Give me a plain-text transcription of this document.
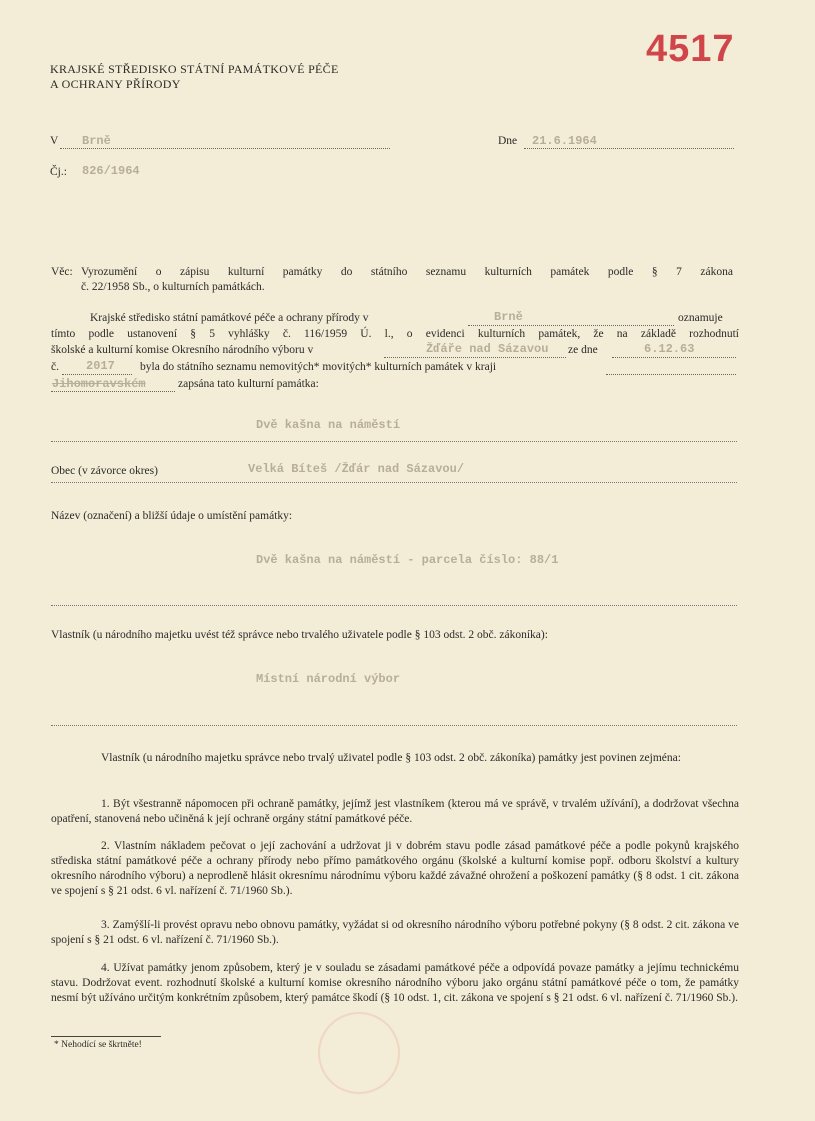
KRAJSKÉ STŘEDISKO STÁTNÍ PAMÁTKOVÉ PÉČE
A OCHRANY PŘÍRODY
4517
V Brně	Dne 21.6.1964
Čj.: 826/1964
Věc: Vyrozumění o zápisu kulturní památky do státního seznamu kulturních památek podle § 7 zákona
č. 22/1958 Sb., o kulturních památkách.
Krajské středisko státní památkové péče a ochrany přírody v	Brně	oznamuje
tímto podle ustanovení § 5 vyhlášky č. 116/1959 Ú. l., o evidenci kulturních památek, že na základě rozhodnutí
školské a kulturní komise Okresního národního výboru v	Žďáře nad Sázavou ze dne	6.12.63
č. 2017 byla do státního seznamu nemovitých* movitých* kulturních památek v kraji
Jihomoravském	zapsána tato kulturní památka:
Dvě kašna na náměstí
Obec (v závorce okres)	Velká Bíteš /Žďár nad Sázavou/
Název (označení) a bližší údaje o umístění památky:
Dvě kašna na náměstí - parcela číslo: 88/1
Vlastník (u národního majetku uvést též správce nebo trvalého uživatele podle § 103 odst. 2 obč. zákoníka):
Místní národní výbor
Vlastník (u národního majetku správce nebo trvalý uživatel podle § 103 odst. 2 obč. zákoníka) památky jest povinen zejména:
1. Být všestranně nápomocen při ochraně památky, jejímž jest vlastníkem (kterou má ve správě, v trvalém užívání), a dodržovat všechna opatření, stanovená nebo učiněná k její ochraně orgány státní památkové péče.
2. Vlastním nákladem pečovat o její zachování a udržovat ji v dobrém stavu podle zásad památkové péče a podle pokynů krajského střediska státní památkové péče a ochrany přírody nebo přímo památkového orgánu (školské a kulturní komise popř. odboru školství a kultury okresního národního výboru) a neprodleně hlásit okresnímu národnímu výboru každé závažné ohrožení a poškození památky (§ 8 odst. 1 cit. zákona ve spojení s § 21 odst. 6 vl. nařízení č. 71/1960 Sb.).
3. Zamýšlí-li provést opravu nebo obnovu památky, vyžádat si od okresního národního výboru potřebné pokyny (§ 8 odst. 2 cit. zákona ve spojení s § 21 odst. 6 vl. nařízení č. 71/1960 Sb.).
4. Užívat památky jenom způsobem, který je v souladu se zásadami památkové péče a odpovídá povaze památky a jejímu technickému stavu. Dodržovat event. rozhodnutí školské a kulturní komise okresního národního výboru jako orgánu státní památkové péče o tom, že památky nesmí být užíváno určitým konkrétním způsobem, který památce škodí (§ 10 odst. 1, cit. zákona ve spojení s § 21 odst. 6 vl. nařízení č. 71/1960 Sb.).
* Nehodící se škrtněte!
